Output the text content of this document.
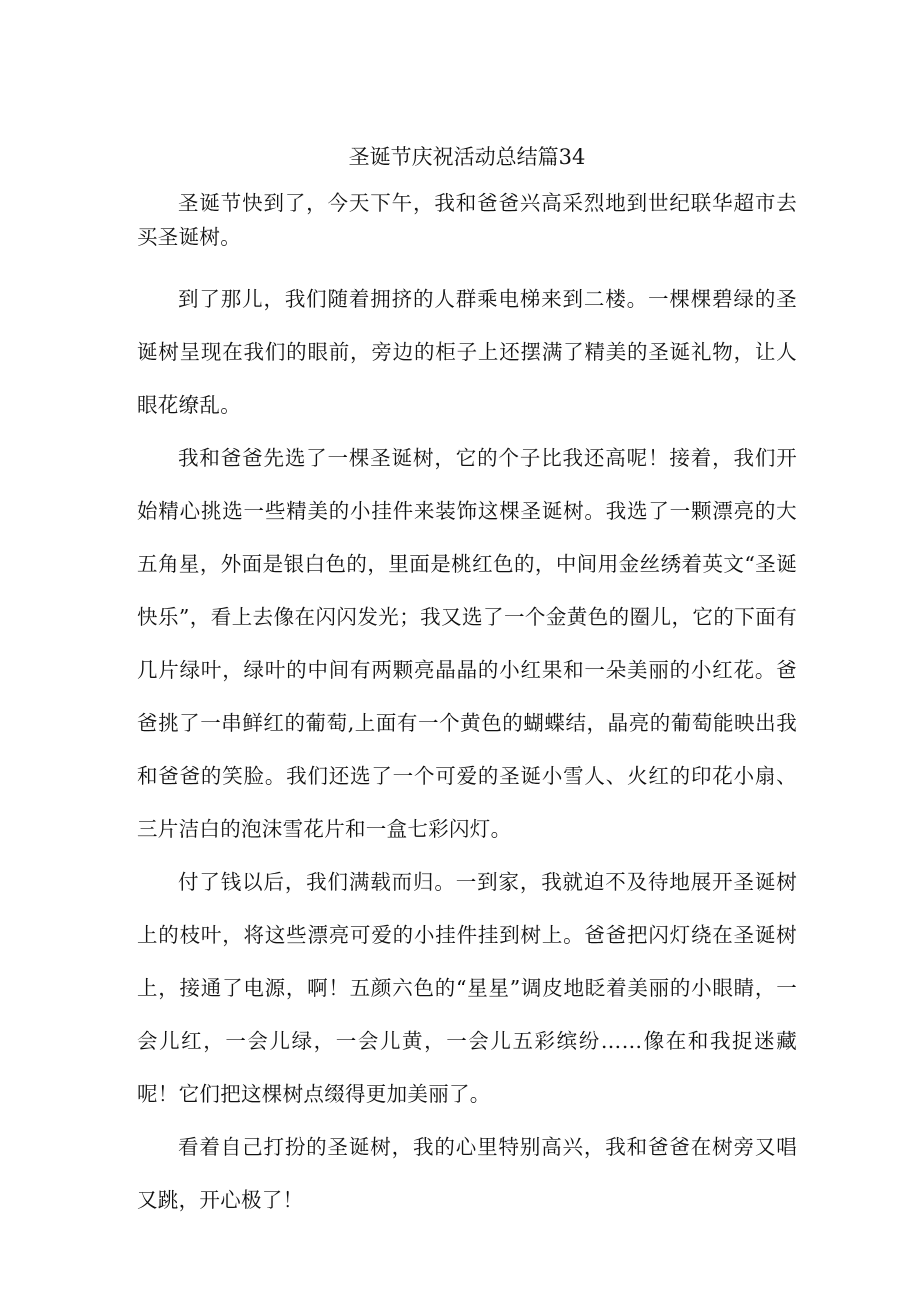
圣诞节庆祝活动总结篇34

圣诞节快到了，今天下午，我和爸爸兴高采烈地到世纪联华超市去买圣诞树。

到了那儿，我们随着拥挤的人群乘电梯来到二楼。一棵棵碧绿的圣诞树呈现在我们的眼前，旁边的柜子上还摆满了精美的圣诞礼物，让人眼花缭乱。

我和爸爸先选了一棵圣诞树，它的个子比我还高呢！接着，我们开始精心挑选一些精美的小挂件来装饰这棵圣诞树。我选了一颗漂亮的大五角星，外面是银白色的，里面是桃红色的，中间用金丝绣着英文“圣诞快乐”，看上去像在闪闪发光；我又选了一个金黄色的圈儿，它的下面有几片绿叶，绿叶的中间有两颗亮晶晶的小红果和一朵美丽的小红花。爸爸挑了一串鲜红的葡萄,上面有一个黄色的蝴蝶结，晶亮的葡萄能映出我和爸爸的笑脸。我们还选了一个可爱的圣诞小雪人、火红的印花小扇、三片洁白的泡沫雪花片和一盒七彩闪灯。

付了钱以后，我们满载而归。一到家，我就迫不及待地展开圣诞树上的枝叶，将这些漂亮可爱的小挂件挂到树上。爸爸把闪灯绕在圣诞树上，接通了电源，啊！五颜六色的“星星”调皮地眨着美丽的小眼睛，一会儿红，一会儿绿，一会儿黄，一会儿五彩缤纷……像在和我捉迷藏呢！它们把这棵树点缀得更加美丽了。

看着自己打扮的圣诞树，我的心里特别高兴，我和爸爸在树旁又唱又跳，开心极了！
